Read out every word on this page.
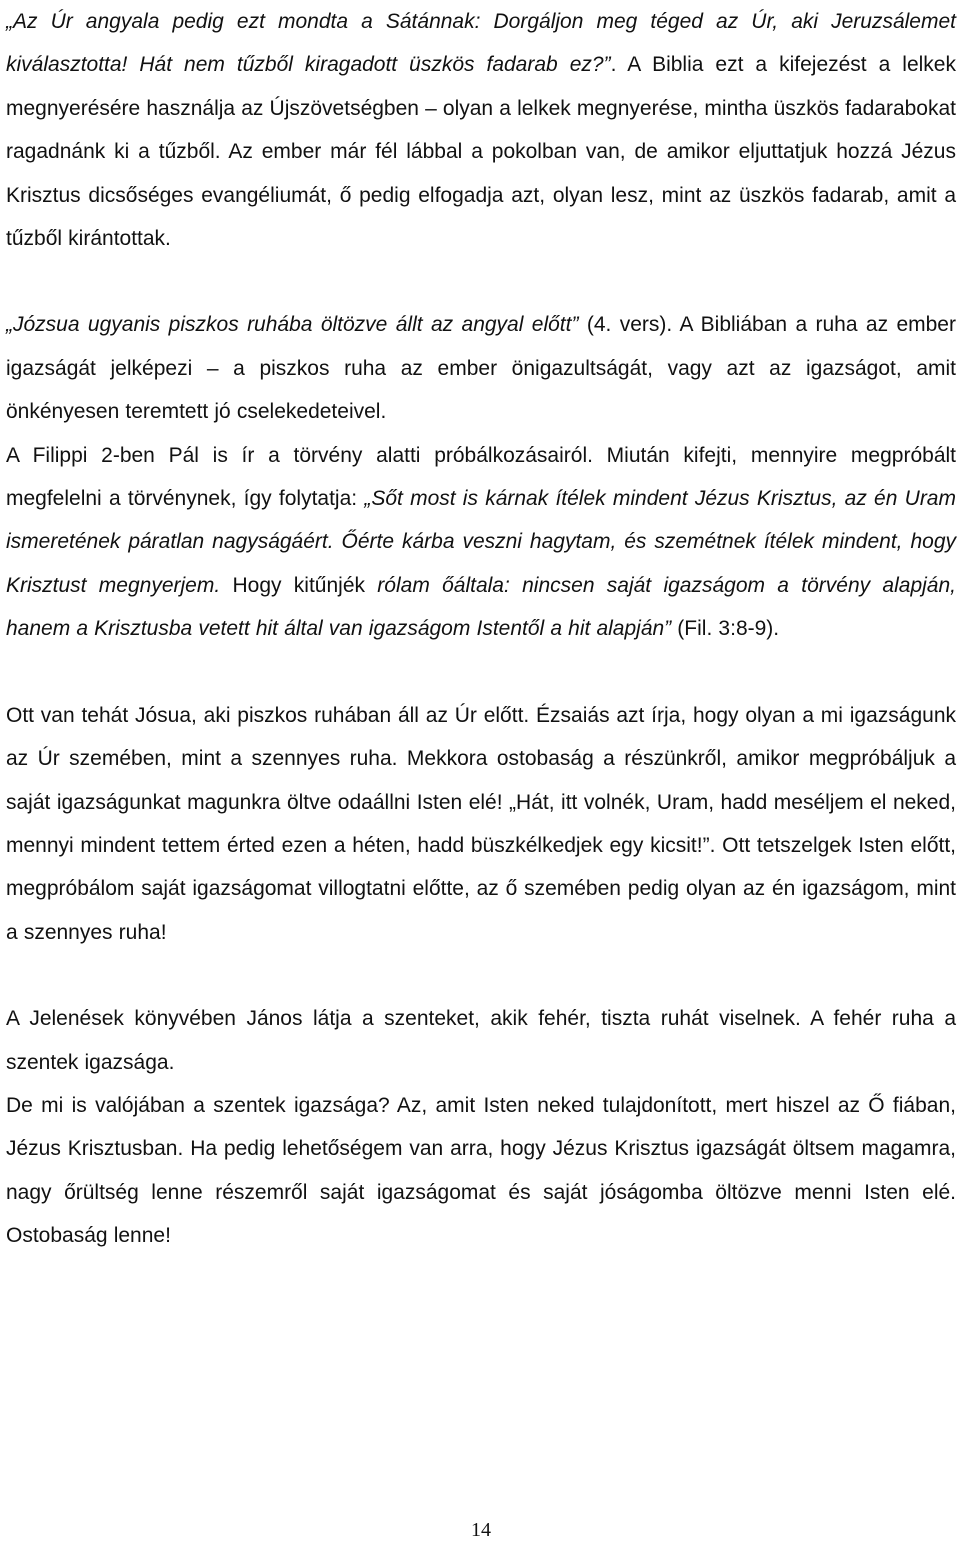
„Az Úr angyala pedig ezt mondta a Sátánnak: Dorgáljon meg téged az Úr, aki Jeruzsálemet kiválasztotta! Hát nem tűzből kiragadott üszkös fadarab ez?”. A Biblia ezt a kifejezést a lelkek megnyerésére használja az Újszövetségben – olyan a lelkek megnyerése, mintha üszkös fadarabokat ragadnánk ki a tűzből. Az ember már fél lábbal a pokolban van, de amikor eljuttatjuk hozzá Jézus Krisztus dicsőséges evangéliumát, ő pedig elfogadja azt, olyan lesz, mint az üszkös fadarab, amit a tűzből kirántottak.

„Józsua ugyanis piszkos ruhába öltözve állt az angyal előtt” (4. vers). A Bibliában a ruha az ember igazságát jelképezi – a piszkos ruha az ember önigazultságát, vagy azt az igazságot, amit önkényesen teremtett jó cselekedeteivel.

A Filippi 2-ben Pál is ír a törvény alatti próbálkozásairól. Miután kifejti, mennyire megpróbált megfelelni a törvénynek, így folytatja: „Sőt most is kárnak ítélek mindent Jézus Krisztus, az én Uram ismeretének páratlan nagyságáért. Őérte kárba veszni hagytam, és szemétnek ítélek mindent, hogy Krisztust megnyerjem. Hogy kitűnjék rólam őáltala: nincsen saját igazságom a törvény alapján, hanem a Krisztusba vetett hit által van igazságom Istentől a hit alapján” (Fil. 3:8-9).

Ott van tehát Jósua, aki piszkos ruhában áll az Úr előtt. Ézsaiás azt írja, hogy olyan a mi igazságunk az Úr szemében, mint a szennyes ruha. Mekkora ostobaság a részünkről, amikor megpróbáljuk a saját igazságunkat magunkra öltve odaállni Isten elé! „Hát, itt volnék, Uram, hadd meséljem el neked, mennyi mindent tettem érted ezen a héten, hadd büszkélkedjek egy kicsit!”. Ott tetszelgek Isten előtt, megpróbálom saját igazságomat villogtatni előtte, az ő szemében pedig olyan az én igazságom, mint a szennyes ruha!

A Jelenések könyvében János látja a szenteket, akik fehér, tiszta ruhát viselnek. A fehér ruha a szentek igazsága.

De mi is valójában a szentek igazsága? Az, amit Isten neked tulajdonított, mert hiszel az Ő fiában, Jézus Krisztusban. Ha pedig lehetőségem van arra, hogy Jézus Krisztus igazságát öltsem magamra, nagy őrültség lenne részemről saját igazságomat és saját jóságomba öltözve menni Isten elé. Ostobaság lenne!

14
